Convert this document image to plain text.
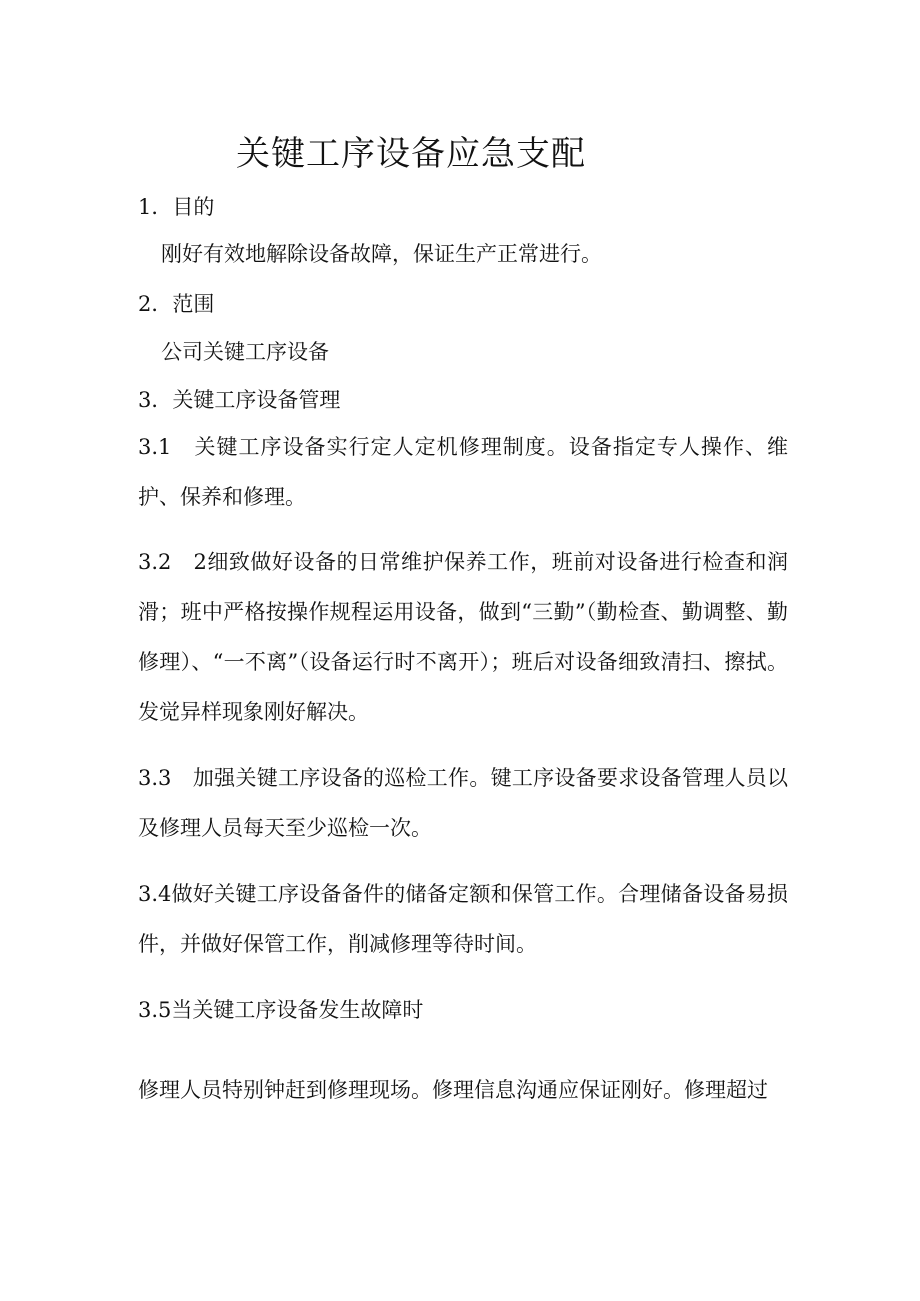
关键工序设备应急支配
1．目的
刚好有效地解除设备故障，保证生产正常进行。
2．范围
公司关键工序设备
3．关键工序设备管理
3.1　关键工序设备实行定人定机修理制度。设备指定专人操作、维护、保养和修理。
3.2　2细致做好设备的日常维护保养工作，班前对设备进行检查和润滑；班中严格按操作规程运用设备，做到“三勤”（勤检查、勤调整、勤修理）、“一不离”（设备运行时不离开）；班后对设备细致清扫、擦拭。发觉异样现象刚好解决。
3.3　加强关键工序设备的巡检工作。键工序设备要求设备管理人员以及修理人员每天至少巡检一次。
3.4做好关键工序设备备件的储备定额和保管工作。合理储备设备易损件，并做好保管工作，削减修理等待时间。
3.5当关键工序设备发生故障时
修理人员特别钟赶到修理现场。修理信息沟通应保证刚好。修理超过
